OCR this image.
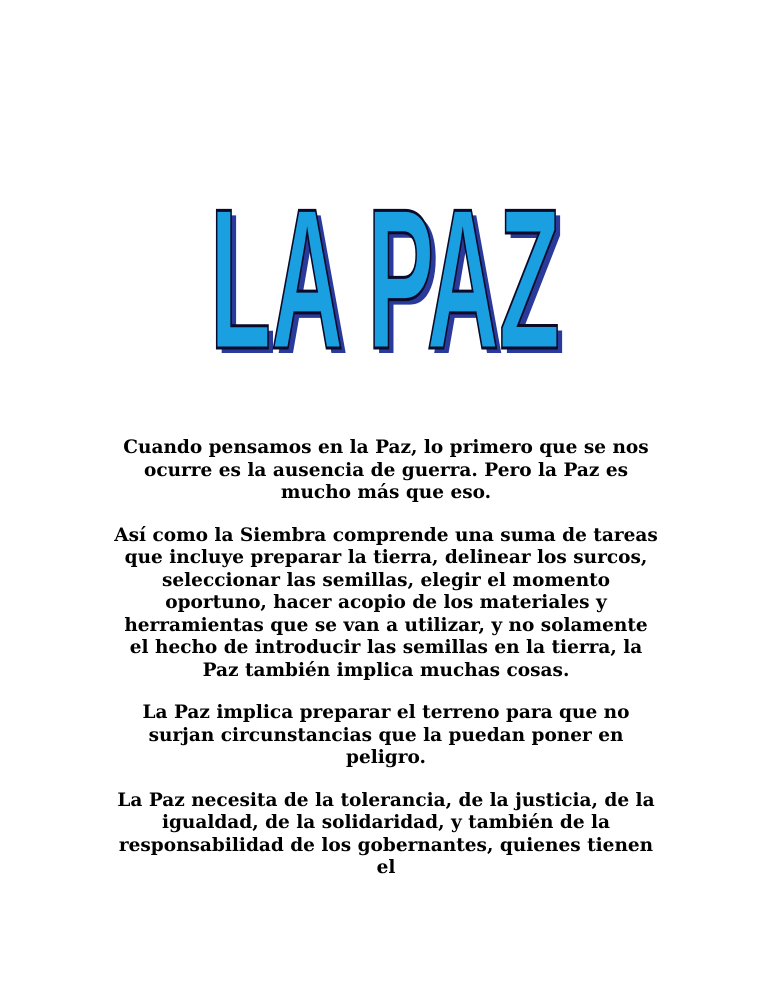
LA PAZ
LA PAZ

Cuando pensamos en la Paz, lo primero que se nos ocurre es la ausencia de guerra. Pero la Paz es mucho más que eso.

Así como la Siembra comprende una suma de tareas que incluye preparar la tierra, delinear los surcos, seleccionar las semillas, elegir el momento oportuno, hacer acopio de los materiales y herramientas que se van a utilizar, y no solamente el hecho de introducir las semillas en la tierra, la Paz también implica muchas cosas.

La Paz implica preparar el terreno para que no surjan circunstancias que la puedan poner en peligro.

La Paz necesita de la tolerancia, de la justicia, de la igualdad, de la solidaridad, y también de la responsabilidad de los gobernantes, quienes tienen el
